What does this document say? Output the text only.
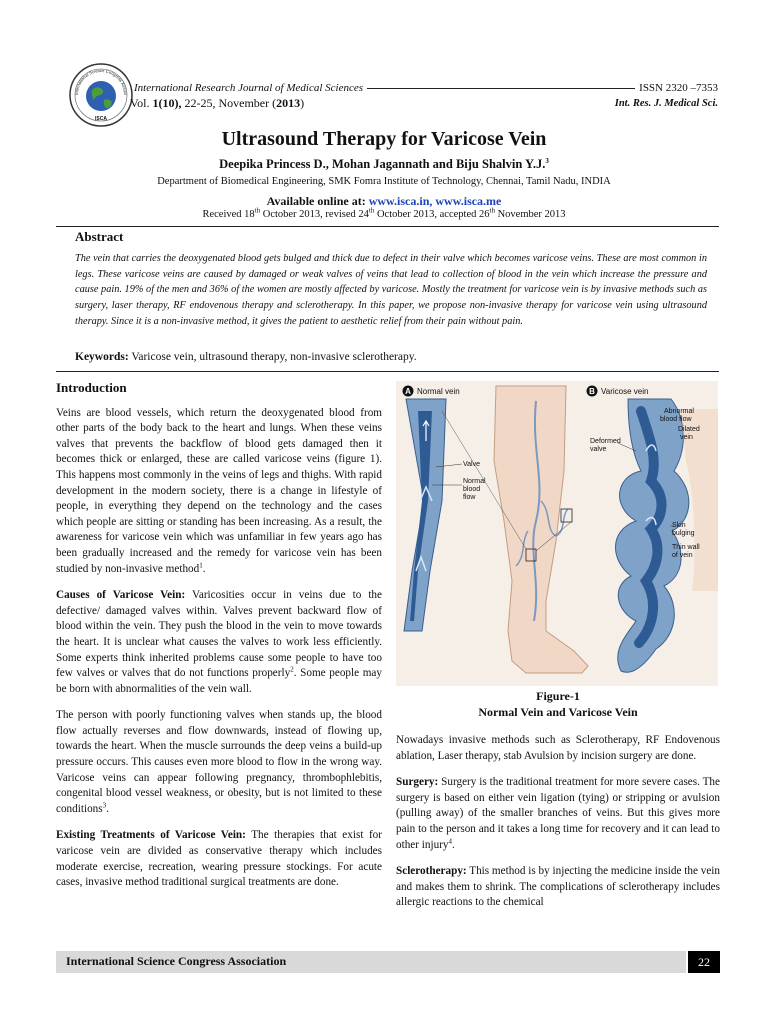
International Science Congress Associ
ISCA
International Research Journal of Medical Sciences	ISSN 2320 –7353
Vol. 1(10), 22-25, November (2013)	Int. Res. J. Medical Sci.
Ultrasound Therapy for Varicose Vein
Deepika Princess D., Mohan Jagannath and Biju Shalvin Y.J.$^3$
Department of Biomedical Engineering, SMK Fomra Institute of Technology, Chennai, Tamil Nadu, INDIA
Available online at: www.isca.in, www.isca.me
Received 18th October 2013, revised 24th October 2013, accepted 26th November 2013
Abstract
The vein that carries the deoxygenated blood gets bulged and thick due to defect in their valve which becomes varicose veins. These are most common in legs. These varicose veins are caused by damaged or weak valves of veins that lead to collection of blood in the vein which increase the pressure and cause pain. 19% of the men and 36% of the women are mostly affected by varicose. Mostly the treatment for varicose vein is by invasive methods such as surgery, laser therapy, RF endovenous therapy and sclerotherapy. In this paper, we propose non-invasive therapy for varicose vein using ultrasound therapy. Since it is a non-invasive method, it gives the patient to aesthetic relief from their pain without pain.
Keywords: Varicose vein, ultrasound therapy, non-invasive sclerotherapy.
Introduction

Veins are blood vessels, which return the deoxygenated blood from other parts of the body back to the heart and lungs. When these veins valves that prevents the backflow of blood gets damaged then it becomes thick or enlarged, these are called varicose veins (figure 1). This happens most commonly in the veins of legs and thighs. With rapid development in the modern society, there is a change in lifestyle of people, in everything they depend on the technology and the cases which people are sitting or standing has been increasing. As a result, the awareness for varicose vein which was unfamiliar in few years ago has been gradually increased and the remedy for varicose vein has been studied by non-invasive method$^1$.

Causes of Varicose Vein: Varicosities occur in veins due to the defective/ damaged valves within. Valves prevent backward flow of blood within the vein. They push the blood in the vein to move towards the heart. It is unclear what causes the valves to work less efficiently. Some experts think inherited problems cause some people to have too few valves or valves that do not functions properly$^2$. Some people may be born with abnormalities of the vein wall.

The person with poorly functioning valves when stands up, the blood flow actually reverses and flow downwards, instead of flowing up, towards the heart. When the muscle surrounds the deep veins a build-up pressure occurs. This causes even more blood to flow in the wrong way. Varicose veins can appear following pregnancy, thrombophlebitis, congenital blood vessel weakness, or obesity, but is not limited to these conditions$^3$.

Existing Treatments of Varicose Vein: The therapies that exist for varicose vein are divided as conservative therapy which includes moderate exercise, recreation, wearing pressure stockings. For acute cases, invasive method traditional surgical treatments are done.

A Normal vein
Valve
Normal
blood
flow
B Varicose vein
Abnormal
blood flow
Dilated
vein
Deformed
valve
Skin
bulging
Thin wall
of vein
Figure-1
Normal Vein and Varicose Vein

Nowadays invasive methods such as Sclerotherapy, RF Endovenous ablation, Laser therapy, stab Avulsion by incision surgery are done.

Surgery: Surgery is the traditional treatment for more severe cases. The surgery is based on either vein ligation (tying) or stripping or avulsion (pulling away) of the smaller branches of veins. But this gives more pain to the person and it takes a long time for recovery and it can lead to other injury$^4$.

Sclerotherapy: This method is by injecting the medicine inside the vein and makes them to shrink. The complications of sclerotherapy includes allergic reactions to the chemical

International Science Congress Association	22
